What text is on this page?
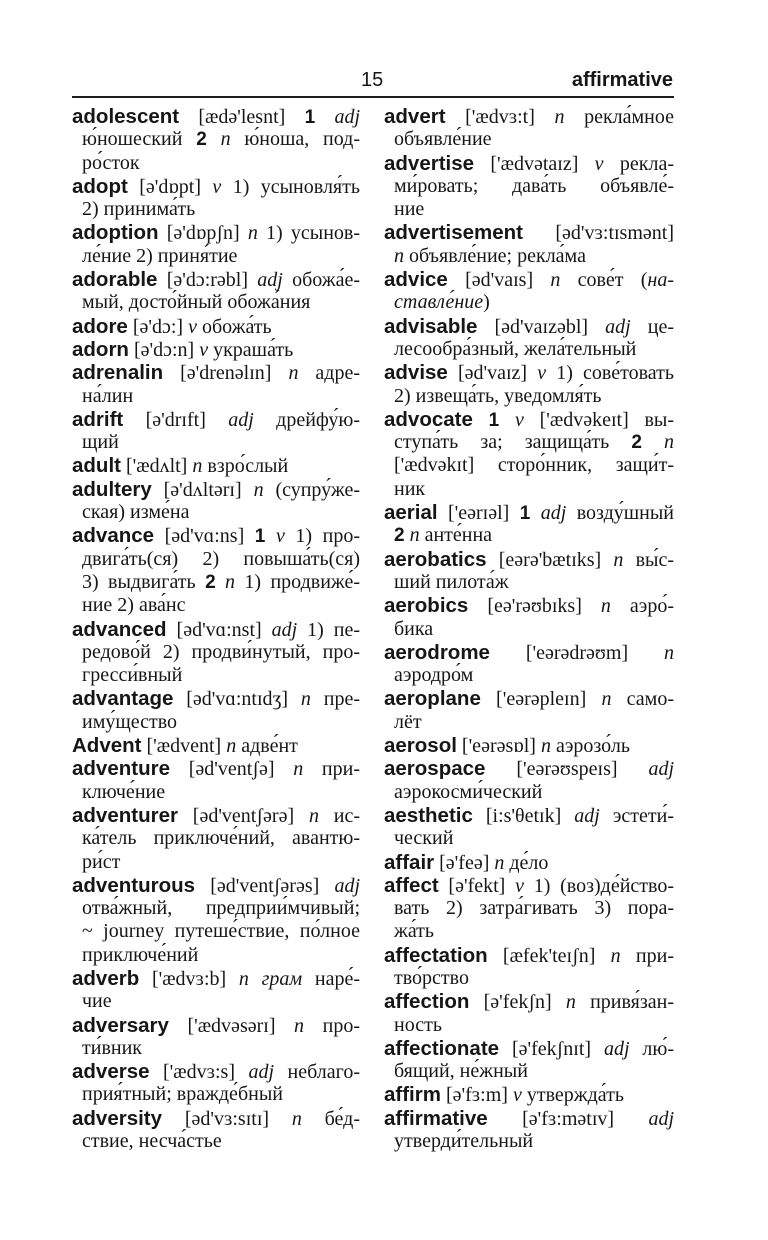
15	affirmative
adolescent [ædə'lesnt] 1 adj
ю́ношеский 2 n ю́ноша, под-
ро́сток
adopt [ə'dɒpt] v 1) усыновля́ть
2) принима́ть
adoption [ə'dɒpʃn] n 1) усынов-
ле́ние 2) приня́тие
adorable [ə'dɔ:rəbl] adj обожа́е-
мый, досто́йный обожа́ния
adore [ə'dɔ:] v обожа́ть
adorn [ə'dɔ:n] v украша́ть
adrenalin [ə'drenəlɪn] n адре-
на́лин
adrift [ə'drɪft] adj дрейфу́ю-
щий
adult ['ædʌlt] n взро́слый
adultery [ə'dʌltərɪ] n (супру́же-
ская) изме́на
advance [əd'vɑ:ns] 1 v 1) про-
двига́ть(ся) 2) повыша́ть(ся)
3) выдвига́ть 2 n 1) продвиже́-
ние 2) ава́нс
advanced [əd'vɑ:nst] adj 1) пе-
редово́й 2) продви́нутый, про-
гресси́вный
advantage [əd'vɑ:ntɪdʒ] n пре-
иму́щество
Advent ['ædvent] n адве́нт
adventure [əd'ventʃə] n при-
ключе́ние
adventurer [əd'ventʃərə] n ис-
ка́тель приключе́ний, авантю-
ри́ст
adventurous [əd'ventʃərəs] adj
отва́жный, предприи́мчивый;
~ journey путеше́ствие, по́лное
приключе́ний
adverb ['ædvɜ:b] n грам наре́-
чие
adversary ['ædvəsərɪ] n про-
ти́вник
adverse ['ædvɜ:s] adj неблаго-
прия́тный; вражде́бный
adversity [əd'vɜ:sɪtɪ] n бе́д-
ствие, несча́стье
advert ['ædvɜ:t] n рекла́мное
объявле́ние
advertise ['ædvətaɪz] v рекла-
ми́ровать; дава́ть объявле́-
ние
advertisement [əd'vɜ:tɪsmənt]
n объявле́ние; рекла́ма
advice [əd'vaɪs] n сове́т (на-
ставле́ние)
advisable [əd'vaɪzəbl] adj це-
лесообра́зный, жела́тельный
advise [əd'vaɪz] v 1) сове́товать
2) извеща́ть, уведомля́ть
advocate 1 v ['ædvəkeɪt] вы-
ступа́ть за; защища́ть 2 n
['ædvəkɪt] сторо́нник, защи́т-
ник
aerial ['eərɪəl] 1 adj возду́шный
2 n анте́нна
aerobatics [eərə'bætɪks] n вы́с-
ший пилота́ж
aerobics [eə'rəʊbɪks] n аэро́-
бика
aerodrome ['eərədrəʊm] n
аэродро́м
aeroplane ['eərəpleɪn] n само-
лёт
aerosol ['eərəsɒl] n аэрозо́ль
aerospace ['eərəʊspeɪs] adj
аэрокосми́ческий
aesthetic [i:s'θetɪk] adj эстети́-
ческий
affair [ə'feə] n де́ло
affect [ə'fekt] v 1) (воз)де́йство-
вать 2) затра́гивать 3) пора-
жа́ть
affectation [æfek'teɪʃn] n при-
тво́рство
affection [ə'fekʃn] n привя́зан-
ность
affectionate [ə'fekʃnɪt] adj лю́-
бящий, не́жный
affirm [ə'fɜ:m] v утвержда́ть
affirmative [ə'fɜ:mətɪv] adj
утверди́тельный
